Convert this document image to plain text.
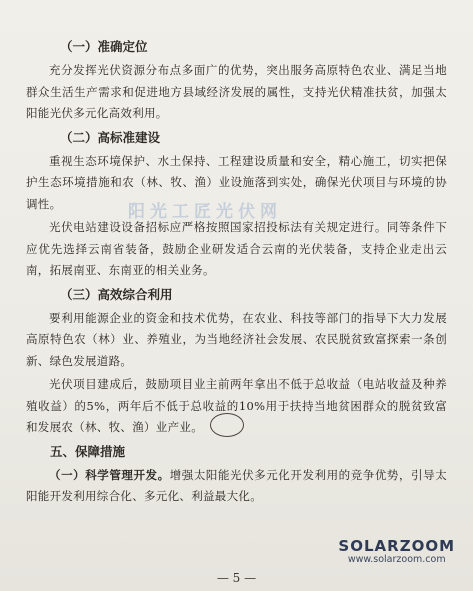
（一）准确定位

充分发挥光伏资源分布点多面广的优势，突出服务高原特色农业、满足当地群众生活生产需求和促进地方县域经济发展的属性，支持光伏精准扶贫，加强太阳能光伏多元化高效利用。

（二）高标准建设

重视生态环境保护、水土保持、工程建设质量和安全，精心施工，切实把保护生态环境措施和农（林、牧、渔）业设施落到实处，确保光伏项目与环境的协调性。

光伏电站建设设备招标应严格按照国家招投标法有关规定进行。同等条件下应优先选择云南省装备，鼓励企业研发适合云南的光伏装备，支持企业走出云南，拓展南亚、东南亚的相关业务。

（三）高效综合利用

要利用能源企业的资金和技术优势，在农业、科技等部门的指导下大力发展高原特色农（林）业、养殖业，为当地经济社会发展、农民脱贫致富探索一条创新、绿色发展道路。

光伏项目建成后，鼓励项目业主前两年拿出不低于总收益（电站收益及种养殖收益）的5%，两年后不低于总收益的10%用于扶持当地贫困群众的脱贫致富和发展农（林、牧、渔）业产业。

五、保障措施

（一）科学管理开发。增强太阳能光伏多元化开发利用的竞争优势，引导太阳能开发利用综合化、多元化、利益最大化。

阳光工匠光伏网
SOLARZOOM
www.solarzoom.com
— 5 —
